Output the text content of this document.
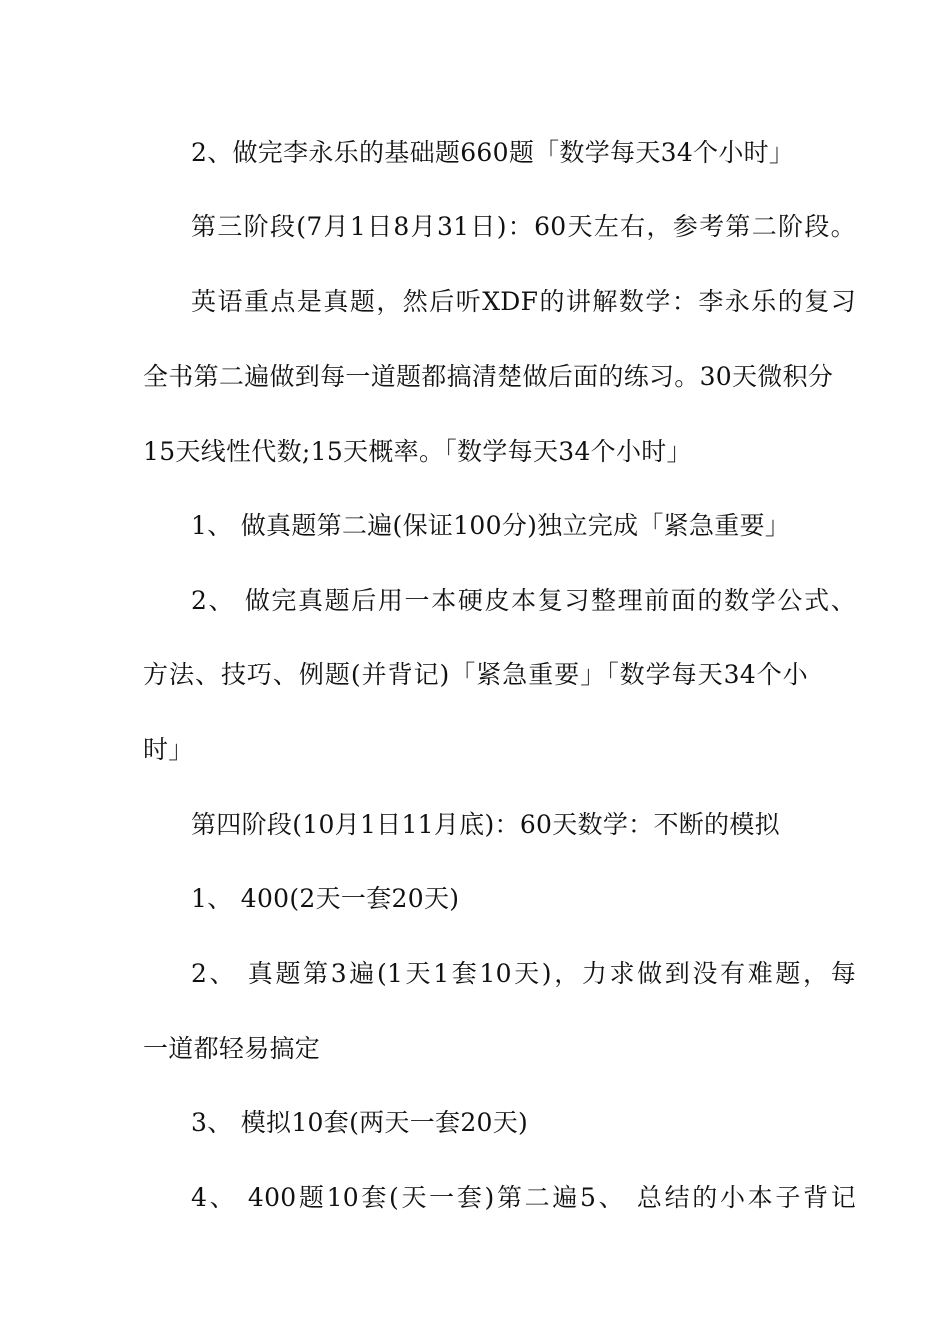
2、做完李永乐的基础题660题「数学每天34个小时」
第三阶段(7月1日8月31日)：60天左右，参考第二阶段。
英语重点是真题，然后听XDF的讲解数学：李永乐的复习
全书第二遍做到每一道题都搞清楚做后面的练习。30天微积分
15天线性代数;15天概率。「数学每天34个小时」
1、 做真题第二遍(保证100分)独立完成「紧急重要」
2、 做完真题后用一本硬皮本复习整理前面的数学公式、
方法、技巧、例题(并背记)「紧急重要」「数学每天34个小
时」
第四阶段(10月1日11月底)：60天数学：不断的模拟
1、 400(2天一套20天)
2、 真题第3遍(1天1套10天)，力求做到没有难题，每
一道都轻易搞定
3、 模拟10套(两天一套20天)
4、 400题10套(天一套)第二遍5、 总结的小本子背记
